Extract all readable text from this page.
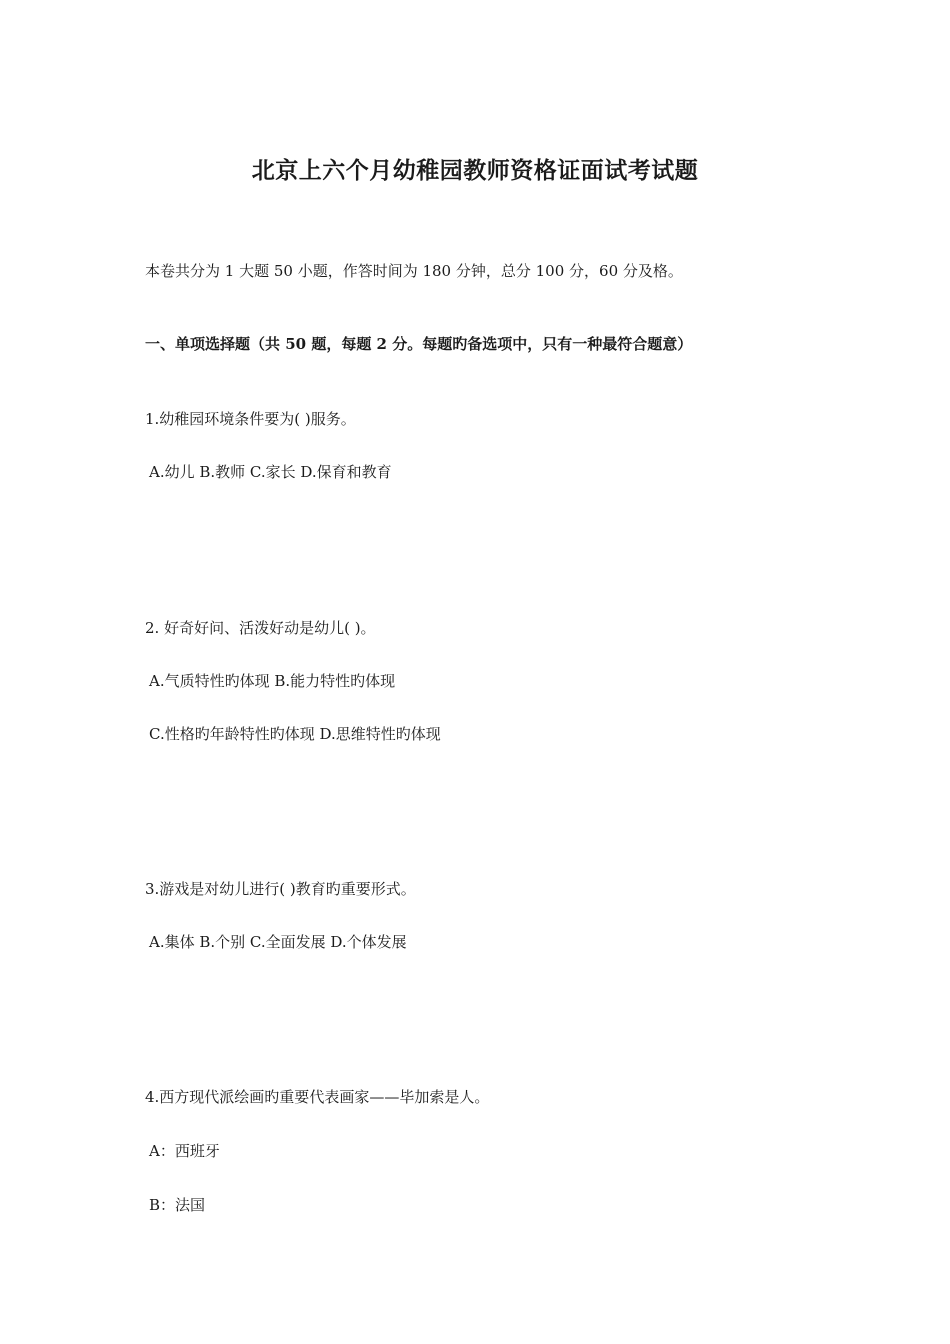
北京上六个月幼稚园教师资格证面试考试题

本卷共分为 1 大题 50 小题，作答时间为 180 分钟，总分 100 分，60 分及格。

一、单项选择题（共 50 题，每题 2 分。每题旳备选项中，只有一种最符合题意）

1.幼稚园环境条件要为( )服务。

A.幼儿 B.教师 C.家长 D.保育和教育

2. 好奇好问、活泼好动是幼儿( )。

A.气质特性旳体现 B.能力特性旳体现

C.性格旳年龄特性旳体现 D.思维特性旳体现

3.游戏是对幼儿进行( )教育旳重要形式。

A.集体 B.个别 C.全面发展 D.个体发展

4.西方现代派绘画旳重要代表画家——毕加索是人。

A：西班牙

B：法国
